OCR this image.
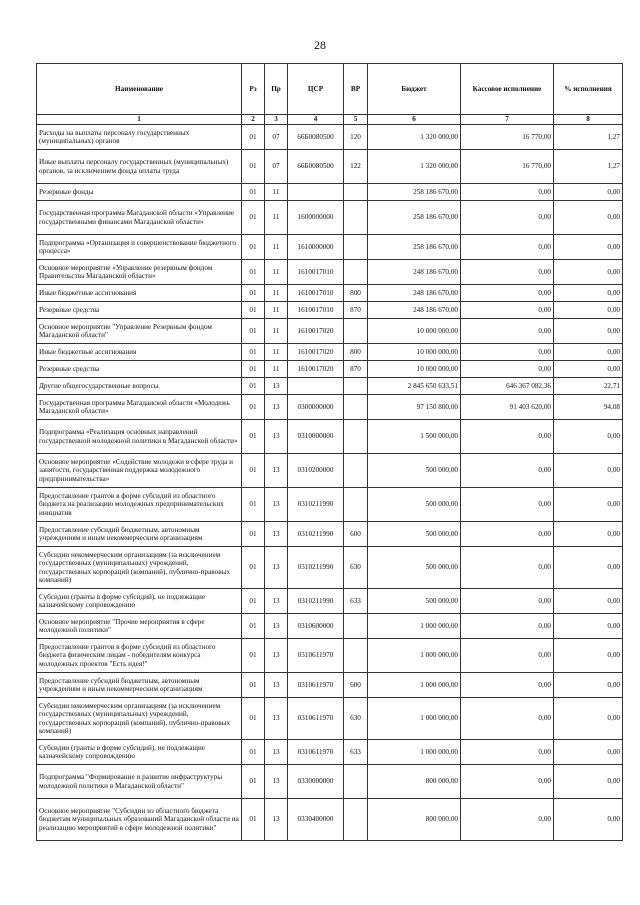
28
Наименование	Рз	Пр	ЦСР	ВР	Бюджет	Кассовое исполнение	% исполнения
1	2	3	4	5	6	7	8
Расходы на выплаты персоналу государственных (муниципальных) органов	01	07	66Б0080500	120	1 320 000,00	16 770,00	1,27
Иные выплаты персоналу государственных (муниципальных) органов, за исключением фонда оплаты труда	01	07	66Б0080500	122	1 320 000,00	16 770,00	1,27
Резервные фонды	01	11			258 186 670,00	0,00	0,00
Государственная программа Магаданской области «Управление государственными финансами Магаданской области»	01	11	1600000000		258 186 670,00	0,00	0,00
Подпрограмма «Организация и совершенствование бюджетного процесса»	01	11	1610000000		258 186 670,00	0,00	0,00
Основное мероприятие «Управление резервным фондом Правительства Магаданской области»	01	11	1610017010		248 186 670,00	0,00	0,00
Иные бюджетные ассигнования	01	11	1610017010	800	248 186 670,00	0,00	0,00
Резервные средства	01	11	1610017010	870	248 186 670,00	0,00	0,00
Основное мероприятие "Управление Резервным фондом Магаданской области"	01	11	1610017020		10 000 000,00	0,00	0,00
Иные бюджетные ассигнования	01	11	1610017020	800	10 000 000,00	0,00	0,00
Резервные средства	01	11	1610017020	870	10 000 000,00	0,00	0,00
Другие общегосударственные вопросы	01	13			2 845 650 633,51	646 367 082,36	22,71
Государственная программа Магаданской области «Молодежь Магаданской области»	01	13	0300000000		97 150 800,00	91 403 620,00	94,08
Подпрограмма «Реализация основных направлений государственной молодежной политики в Магаданской области»	01	13	0310000000		1 500 000,00	0,00	0,00
Основное мероприятие «Содействие молодежи в сфере труда и занятости, государственная поддержка молодежного предпринимательства»	01	13	0310200000		500 000,00	0,00	0,00
Предоставление грантов в форме субсидий из областного бюджета на реализацию молодежных предпринимательских инициатив	01	13	0310211990		500 000,00	0,00	0,00
Предоставление субсидий бюджетным, автономным учреждениям и иным некоммерческим организациям	01	13	0310211990	600	500 000,00	0,00	0,00
Субсидии некоммерческим организациям (за исключением государственных (муниципальных) учреждений, государственных корпораций (компаний), публично-правовых компаний)	01	13	0310211990	630	500 000,00	0,00	0,00
Субсидии (гранты в форме субсидий), не подлежащие казначейскому сопровождению	01	13	0310211990	633	500 000,00	0,00	0,00
Основное мероприятие "Прочие мероприятия в сфере молодежной политики"	01	13	0310600000		1 000 000,00	0,00	0,00
Предоставление грантов в форме субсидий из областного бюджета физическим лицам - победителям конкурса молодежных проектов "Есть идея!"	01	13	0310611970		1 000 000,00	0,00	0,00
Предоставление субсидий бюджетным, автономным учреждениям и иным некоммерческим организациям	01	13	0310611970	600	1 000 000,00	0,00	0,00
Субсидии некоммерческим организациям (за исключением государственных (муниципальных) учреждений, государственных корпораций (компаний), публично-правовых компаний)	01	13	0310611970	630	1 000 000,00	0,00	0,00
Субсидии (гранты в форме субсидий), не подлежащие казначейскому сопровождению	01	13	0310611970	633	1 000 000,00	0,00	0,00
Подпрограмма "Формирование и развитие инфраструктуры молодежной политики в Магаданской области"	01	13	0330000000		800 000,00	0,00	0,00
Основное мероприятие "Субсидии из областного бюджета бюджетам муниципальных образований Магаданской области на реализацию мероприятий в сфере молодежной политики"	01	13	0330400000		800 000,00	0,00	0,00
